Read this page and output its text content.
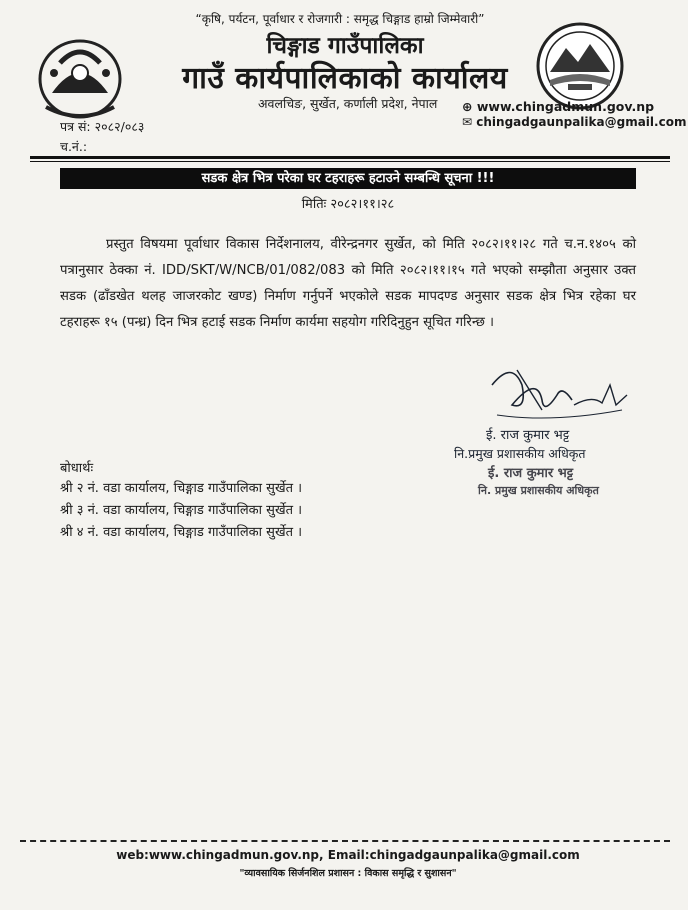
“कृषि, पर्यटन, पूर्वाधार र रोजगारी : समृद्ध चिङ्गाड हाम्रो जिम्मेवारी”
चिङ्गाड गाउँपालिका
गाउँ कार्यपालिकाको कार्यालय
अवलचिङ, सुर्खेत, कर्णाली प्रदेश, नेपाल ⊕ www.chingadmun.gov.np
✉ chingadgaunpalika@gmail.com
पत्र सं: २०८२/०८३
च.नं.:
सडक क्षेत्र भित्र परेका घर टहराहरू हटाउने सम्बन्धि सूचना !!!
मितिः २०८२।११।२८
प्रस्तुत विषयमा पूर्वाधार विकास निर्देशनालय, वीरेन्द्रनगर सुर्खेत, को मिति २०८२।११।२८ गते च.न.१४०५ को पत्रानुसार ठेक्का नं. IDD/SKT/W/NCB/01/082/083 को मिति २०८२।११।१५ गते भएको सम्झौता अनुसार उक्त सडक (ढाँडखेत थलह जाजरकोट खण्ड) निर्माण गर्नुपर्ने भएकोले सडक मापदण्ड अनुसार सडक क्षेत्र भित्र रहेका घर टहराहरू १५ (पन्ध्र) दिन भित्र हटाई सडक निर्माण कार्यमा सहयोग गरिदिनुहुन सूचित गरिन्छ ।
ई. राज कुमार भट्ट
नि.प्रमुख प्रशासकीय अधिकृत
ई. राज कुमार भट्ट
नि. प्रमुख प्रशासकीय अधिकृत
बोधार्थः
श्री २ नं. वडा कार्यालय, चिङ्गाड गाउँपालिका सुर्खेत ।
श्री ३ नं. वडा कार्यालय, चिङ्गाड गाउँपालिका सुर्खेत ।
श्री ४ नं. वडा कार्यालय, चिङ्गाड गाउँपालिका सुर्खेत ।
web:www.chingadmun.gov.np, Email:chingadgaunpalika@gmail.com
"व्यावसायिक सिर्जनशिल प्रशासन : विकास समृद्धि र सुशासन"
